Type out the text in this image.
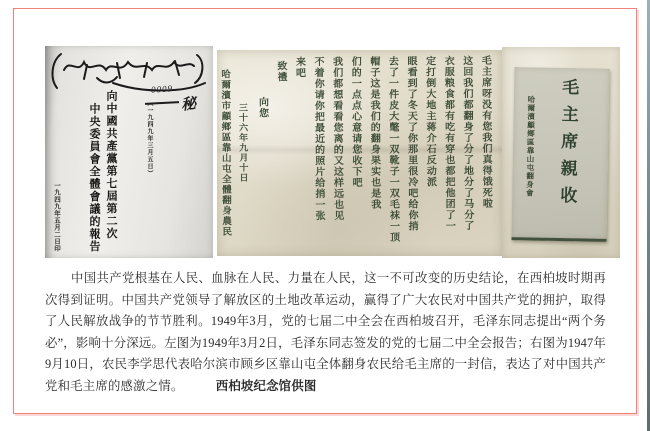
0009
秘
（一九四九年三月五日）
向中國共產黨第七屆第二次
中央委員會全體會議的報告
一九四九年五月二日印
毛主席呀没有您我们真得饿死啦
这回我们都翻身了分了地分了马分了
衣服粮食都有吃有穿也都把他团了一
定打倒大地主蒋介石反动派
眼看到了冬天了你那里很冷吧给你捎
去了一件皮大氅一双靴子一双毛袜一顶
帽子这是我们的翻身果实也是我
们的一点点心意请您收下吧
我们都想看看您离的又这样远也见
不着你请你把最近的照片给捎一张
来吧
致禮
向您
三十六年九月十日
哈爾濱市顧鄉區靠山屯全體翻身農民	哈爾濱顧鄉區靠山屯翻身會 毛主席親收

中国共产党根基在人民、血脉在人民、力量在人民，这一不可改变的历史结论，在西柏坡时期再次得到证明。中国共产党领导了解放区的土地改革运动，赢得了广大农民对中国共产党的拥护，取得了人民解放战争的节节胜利。1949年3月，党的七届二中全会在西柏坡召开，毛泽东同志提出“两个务必”，影响十分深远。左图为1949年3月2日，毛泽东同志签发的党的七届二中全会报告；右图为1947年9月10日，农民李学思代表哈尔滨市顾乡区靠山屯全体翻身农民给毛主席的一封信，表达了对中国共产党和毛主席的感激之情。	西柏坡纪念馆供图
